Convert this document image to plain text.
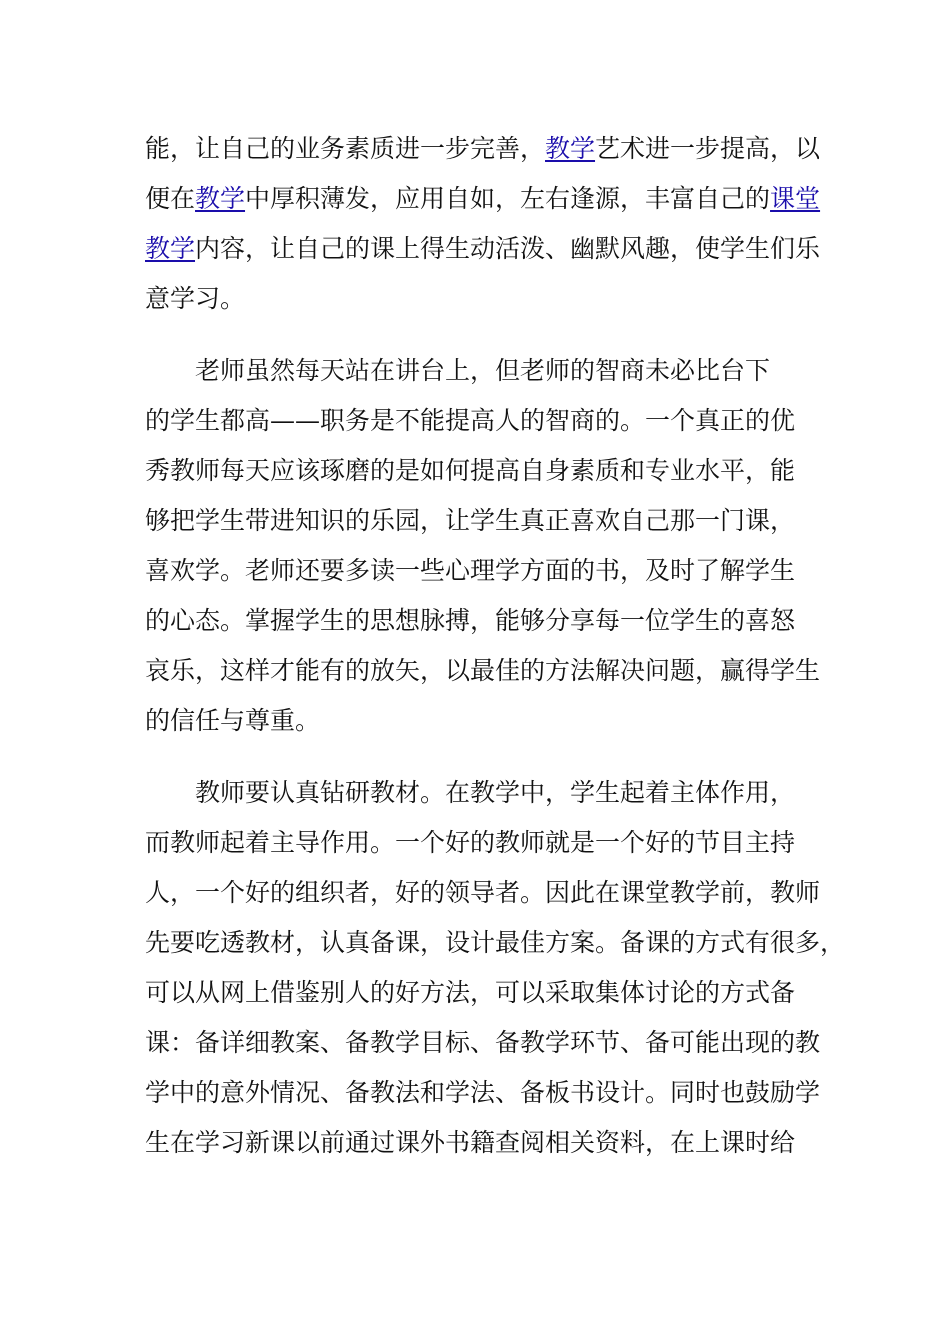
能，让自己的业务素质进一步完善，教学艺术进一步提高，以
便在教学中厚积薄发，应用自如，左右逢源，丰富自己的课堂
教学内容，让自己的课上得生动活泼、幽默风趣，使学生们乐
意学习。
　　老师虽然每天站在讲台上，但老师的智商未必比台下
的学生都高——职务是不能提高人的智商的。一个真正的优
秀教师每天应该琢磨的是如何提高自身素质和专业水平，能
够把学生带进知识的乐园，让学生真正喜欢自己那一门课，
喜欢学。老师还要多读一些心理学方面的书，及时了解学生
的心态。掌握学生的思想脉搏，能够分享每一位学生的喜怒
哀乐，这样才能有的放矢，以最佳的方法解决问题，赢得学生
的信任与尊重。
　　教师要认真钻研教材。在教学中，学生起着主体作用，
而教师起着主导作用。一个好的教师就是一个好的节目主持
人，一个好的组织者，好的领导者。因此在课堂教学前，教师
先要吃透教材，认真备课，设计最佳方案。备课的方式有很多，
可以从网上借鉴别人的好方法，可以采取集体讨论的方式备
课：备详细教案、备教学目标、备教学环节、备可能出现的教
学中的意外情况、备教法和学法、备板书设计。同时也鼓励学
生在学习新课以前通过课外书籍查阅相关资料，在上课时给
